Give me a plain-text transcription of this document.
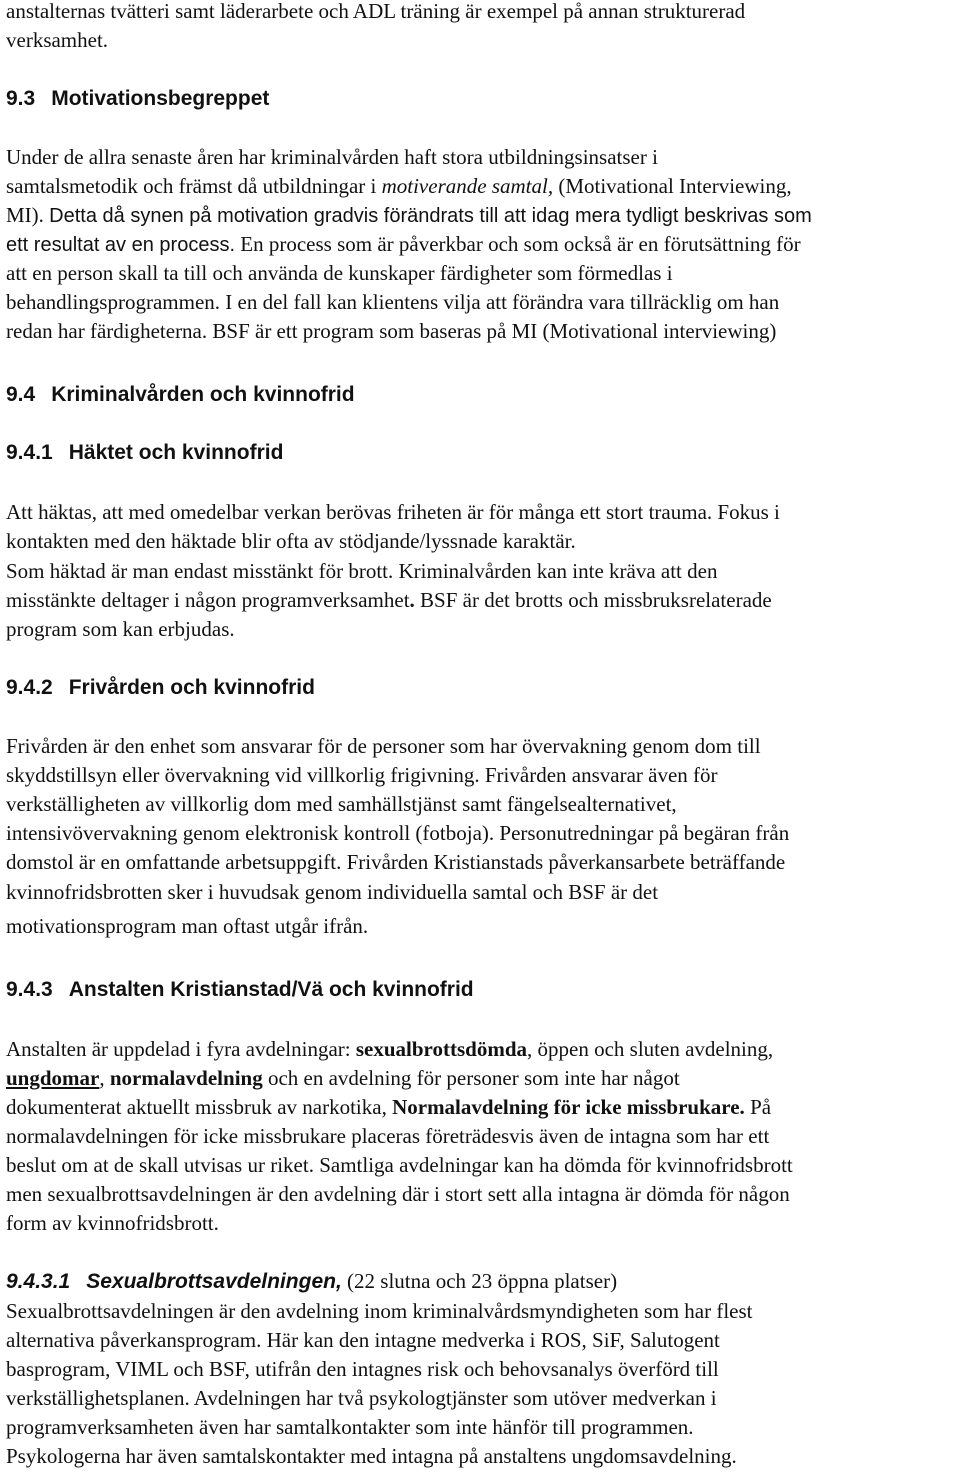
anstalternas tvätteri samt läderarbete och ADL träning är exempel på annan strukturerad
verksamhet.
9.3 Motivationsbegreppet
Under de allra senaste åren har kriminalvården haft stora utbildningsinsatser i
samtalsmetodik och främst då utbildningar i motiverande samtal, (Motivational Interviewing,
MI). Detta då synen på motivation gradvis förändrats till att idag mera tydligt beskrivas som
ett resultat av en process. En process som är påverkbar och som också är en förutsättning för
att en person skall ta till och använda de kunskaper färdigheter som förmedlas i
behandlingsprogrammen. I en del fall kan klientens vilja att förändra vara tillräcklig om han
redan har färdigheterna. BSF är ett program som baseras på MI (Motivational interviewing)
9.4 Kriminalvården och kvinnofrid
9.4.1 Häktet och kvinnofrid
Att häktas, att med omedelbar verkan berövas friheten är för många ett stort trauma. Fokus i
kontakten med den häktade blir ofta av stödjande/lyssnade karaktär.
Som häktad är man endast misstänkt för brott. Kriminalvården kan inte kräva att den
misstänkte deltager i någon programverksamhet. BSF är det brotts och missbruksrelaterade
program som kan erbjudas.
9.4.2 Frivården och kvinnofrid
Frivården är den enhet som ansvarar för de personer som har övervakning genom dom till
skyddstillsyn eller övervakning vid villkorlig frigivning. Frivården ansvarar även för
verkställigheten av villkorlig dom med samhällstjänst samt fängelsealternativet,
intensivövervakning genom elektronisk kontroll (fotboja). Personutredningar på begäran från
domstol är en omfattande arbetsuppgift. Frivården Kristianstads påverkansarbete beträffande
kvinnofridsbrotten sker i huvudsak genom individuella samtal och BSF är det
motivationsprogram man oftast utgår ifrån.
9.4.3 Anstalten Kristianstad/Vä och kvinnofrid
Anstalten är uppdelad i fyra avdelningar: sexualbrottsdömda, öppen och sluten avdelning,
ungdomar, normalavdelning och en avdelning för personer som inte har något
dokumenterat aktuellt missbruk av narkotika, Normalavdelning för icke missbrukare. På
normalavdelningen för icke missbrukare placeras företrädesvis även de intagna som har ett
beslut om at de skall utvisas ur riket. Samtliga avdelningar kan ha dömda för kvinnofridsbrott
men sexualbrottsavdelningen är den avdelning där i stort sett alla intagna är dömda för någon
form av kvinnofridsbrott.
9.4.3.1 Sexualbrottsavdelningen, (22 slutna och 23 öppna platser)
Sexualbrottsavdelningen är den avdelning inom kriminalvårdsmyndigheten som har flest
alternativa påverkansprogram. Här kan den intagne medverka i ROS, SiF, Salutogent
basprogram, VIML och BSF, utifrån den intagnes risk och behovsanalys överförd till
verkställighetsplanen. Avdelningen har två psykologtjänster som utöver medverkan i
programverksamheten även har samtalkontakter som inte hänför till programmen.
Psykologerna har även samtalskontakter med intagna på anstaltens ungdomsavdelning.
